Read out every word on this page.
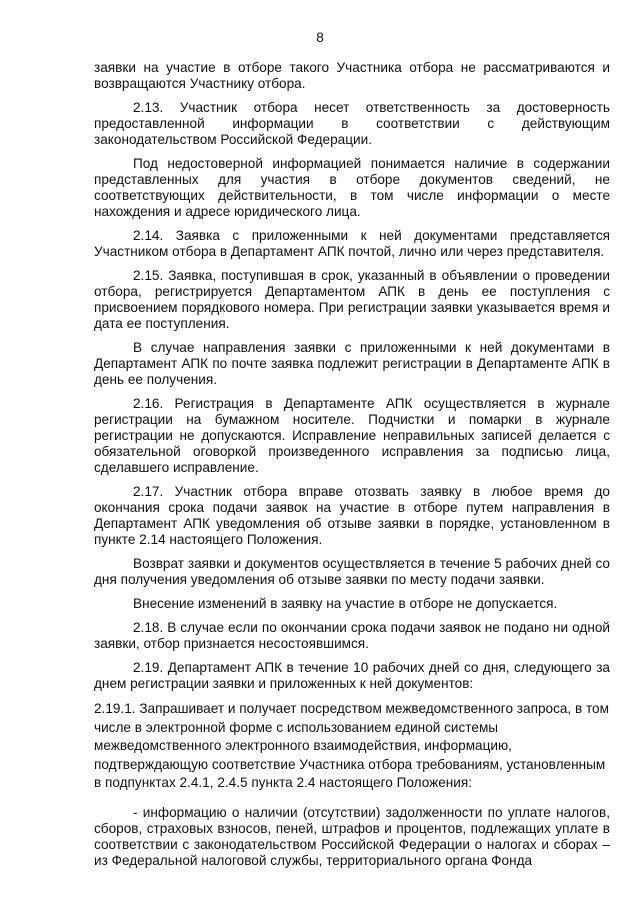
8

заявки на участие в отборе такого Участника отбора не рассматриваются и возвращаются Участнику отбора.

2.13. Участник отбора несет ответственность за достоверность предоставленной информации в соответствии с действующим законодательством Российской Федерации.

Под недостоверной информацией понимается наличие в содержании представленных для участия в отборе документов сведений, не соответствующих действительности, в том числе информации о месте нахождения и адресе юридического лица.

2.14. Заявка с приложенными к ней документами представляется Участником отбора в Департамент АПК почтой, лично или через представителя.

2.15. Заявка, поступившая в срок, указанный в объявлении о проведении отбора, регистрируется Департаментом АПК в день ее поступления с присвоением порядкового номера. При регистрации заявки указывается время и дата ее поступления.

В случае направления заявки с приложенными к ней документами в Департамент АПК по почте заявка подлежит регистрации в Департаменте АПК в день ее получения.

2.16. Регистрация в Департаменте АПК осуществляется в журнале регистрации на бумажном носителе. Подчистки и помарки в журнале регистрации не допускаются. Исправление неправильных записей делается с обязательной оговоркой произведенного исправления за подписью лица, сделавшего исправление.

2.17. Участник отбора вправе отозвать заявку в любое время до окончания срока подачи заявок на участие в отборе путем направления в Департамент АПК уведомления об отзыве заявки в порядке, установленном в пункте 2.14 настоящего Положения.

Возврат заявки и документов осуществляется в течение 5 рабочих дней со дня получения уведомления об отзыве заявки по месту подачи заявки.

Внесение изменений в заявку на участие в отборе не допускается.

2.18. В случае если по окончании срока подачи заявок не подано ни одной заявки, отбор признается несостоявшимся.

2.19. Департамент АПК в течение 10 рабочих дней со дня, следующего за днем регистрации заявки и приложенных к ней документов:

2.19.1. Запрашивает и получает посредством межведомственного запроса, в том числе в электронной форме с использованием единой системы межведомственного электронного взаимодействия, информацию, подтверждающую соответствие Участника отбора требованиям, установленным в подпунктах 2.4.1, 2.4.5 пункта 2.4 настоящего Положения:

- информацию о наличии (отсутствии) задолженности по уплате налогов, сборов, страховых взносов, пеней, штрафов и процентов, подлежащих уплате в соответствии с законодательством Российской Федерации о налогах и сборах – из Федеральной налоговой службы, территориального органа Фонда
